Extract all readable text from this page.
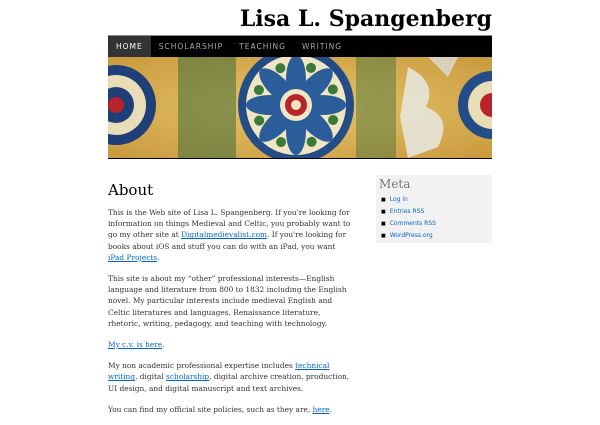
Lisa L. Spangenberg
HOME	SCHOLARSHIP	TEACHING	WRITING
About

This is the Web site of Lisa L. Spangenberg. If you're looking for information on things Medieval and Celtic, you probably want to go my other site at Digitalmedievalist.com. If you're looking for books about iOS and stuff you can do with an iPad, you want iPad Projects.

This site is about my “other” professional interests—English language and literature from 800 to 1832 including the English novel. My particular interests include medieval English and Celtic literatures and languages, Renaissance literature, rhetoric, writing, pedagogy, and teaching with technology.

My c.v. is here.

My non academic professional expertise includes technical writing, digital scholarship, digital archive creation, production, UI design, and digital manuscript and text archives.

You can find my official site policies, such as they are, here.

Meta
■ Log in
■ Entries RSS
■ Comments RSS
■ WordPress.org
